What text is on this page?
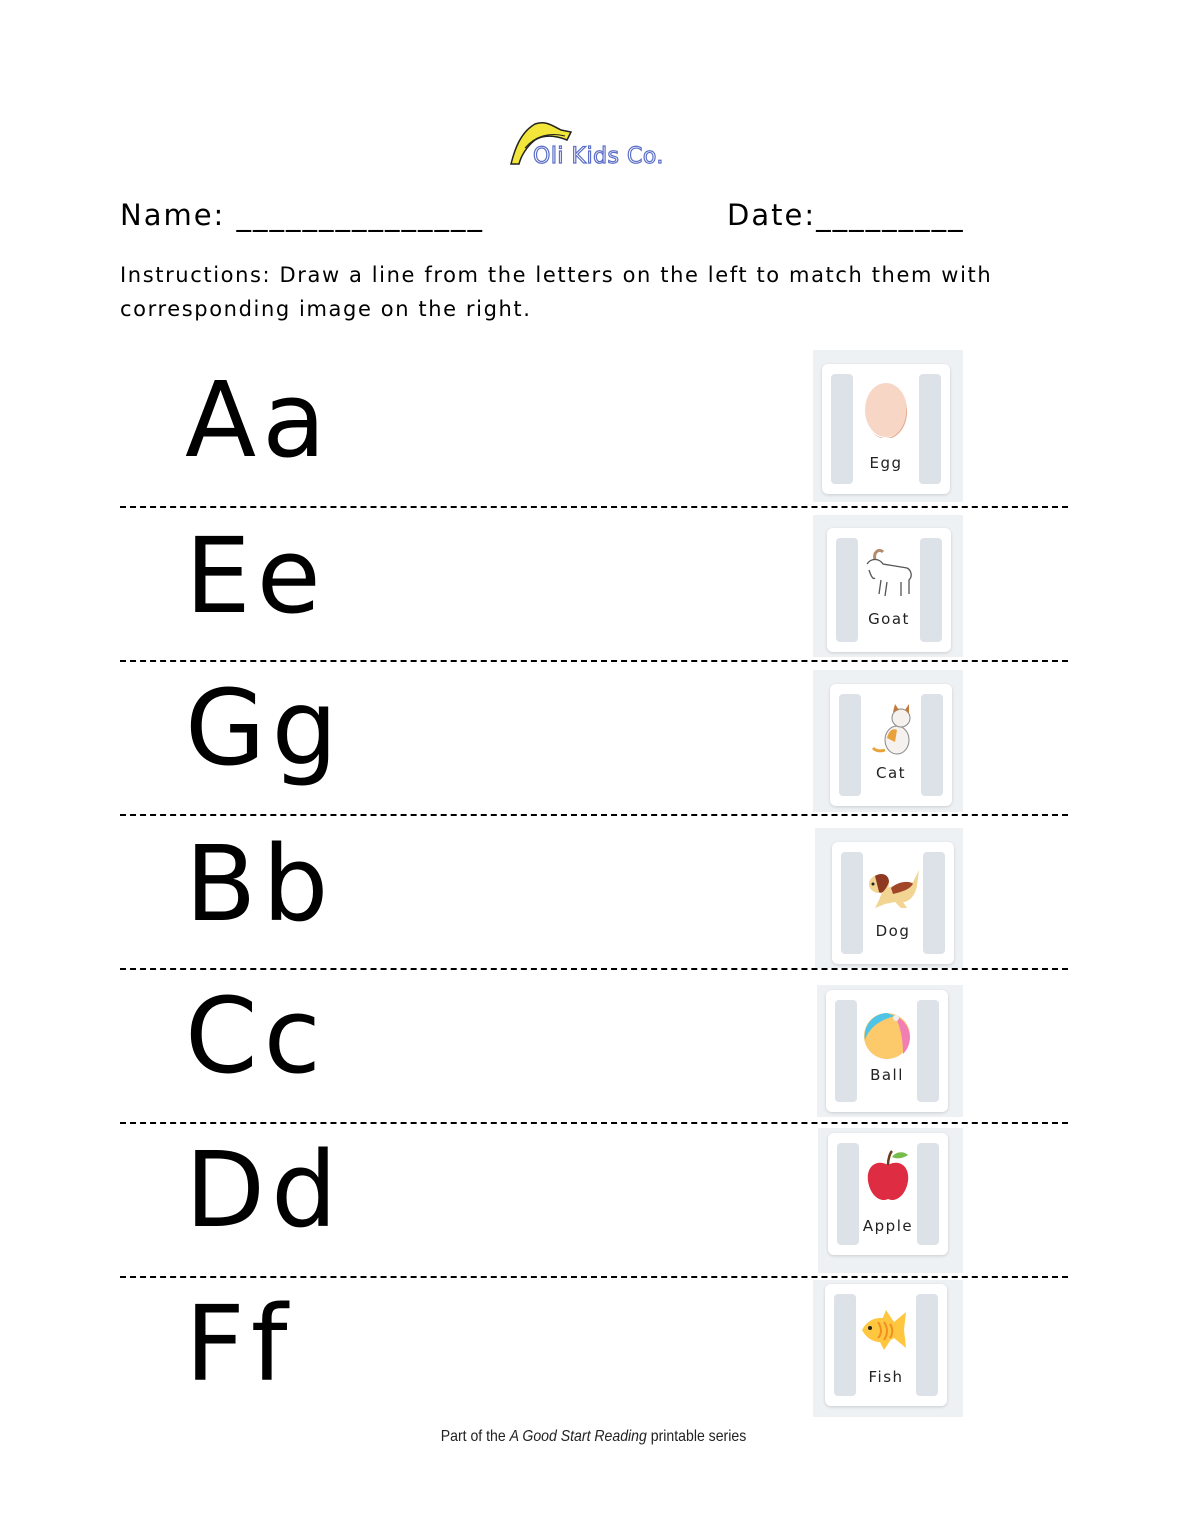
Oli Kids Co.
Name: _______________	Date:_________
Instructions: Draw a line from the letters on the left to match them with corresponding image on the right.
Aa	Egg
Ee	Goat
Gg	Cat
Bb	Dog
Cc	Ball
Dd	Apple
Ff	Fish
Part of the A Good Start Reading printable series
